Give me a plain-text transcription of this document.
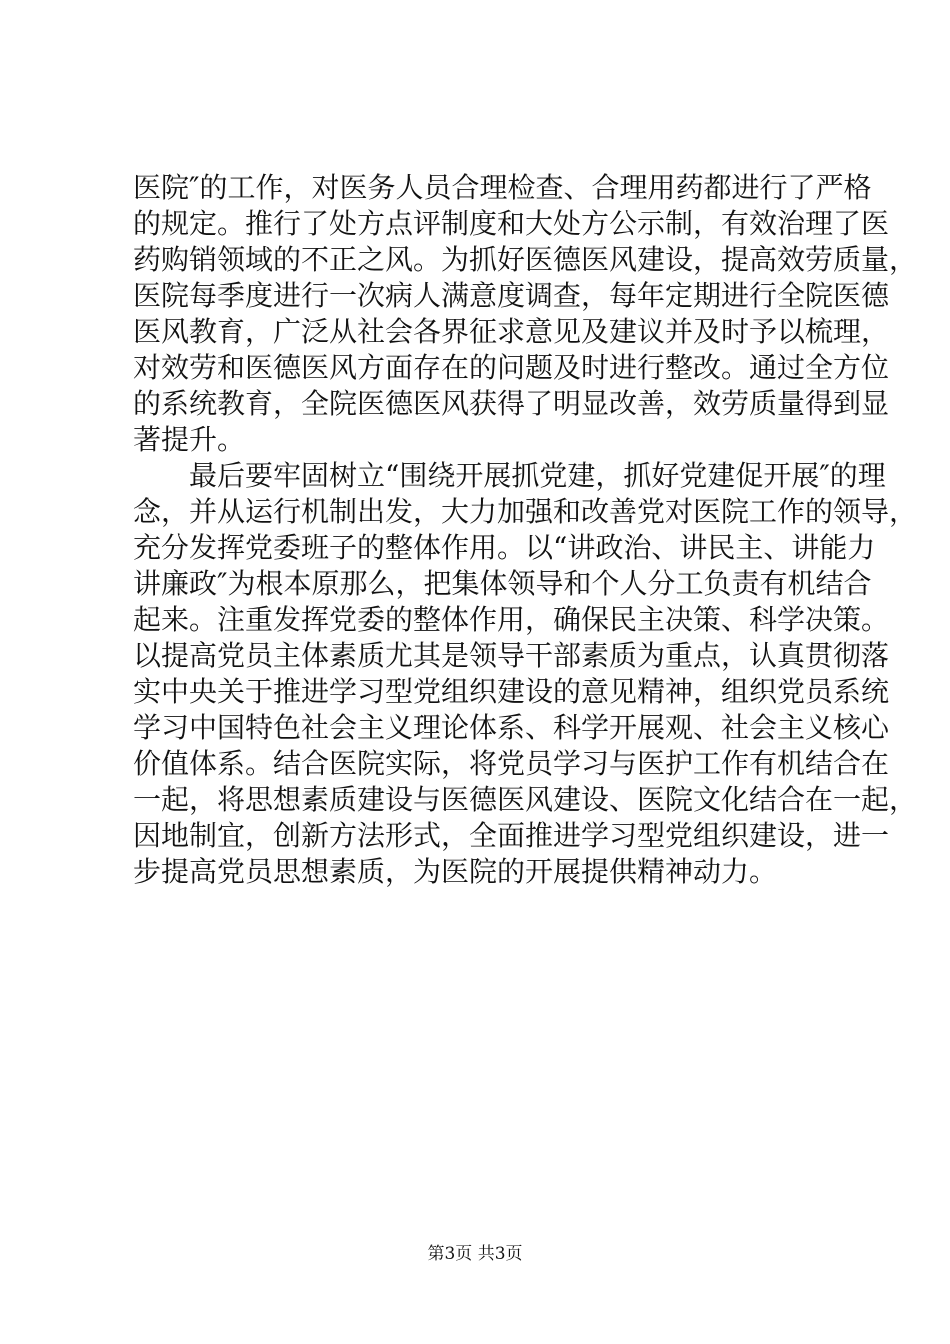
医院″的工作，对医务人员合理检查、合理用药都进行了严格
的规定。推行了处方点评制度和大处方公示制，有效治理了医
药购销领域的不正之风。为抓好医德医风建设，提高效劳质量，
医院每季度进行一次病人满意度调查，每年定期进行全院医德
医风教育，广泛从社会各界征求意见及建议并及时予以梳理，
对效劳和医德医风方面存在的问题及时进行整改。通过全方位
的系统教育，全院医德医风获得了明显改善，效劳质量得到显
著提升。
　　最后要牢固树立“围绕开展抓党建，抓好党建促开展″的理
念，并从运行机制出发，大力加强和改善党对医院工作的领导，
充分发挥党委班子的整体作用。以“讲政治、讲民主、讲能力
讲廉政″为根本原那么，把集体领导和个人分工负责有机结合
起来。注重发挥党委的整体作用，确保民主决策、科学决策。
以提高党员主体素质尤其是领导干部素质为重点，认真贯彻落
实中央关于推进学习型党组织建设的意见精神，组织党员系统
学习中国特色社会主义理论体系、科学开展观、社会主义核心
价值体系。结合医院实际，将党员学习与医护工作有机结合在
一起，将思想素质建设与医德医风建设、医院文化结合在一起，
因地制宜，创新方法形式，全面推进学习型党组织建设，进一
步提高党员思想素质，为医院的开展提供精神动力。
第3页 共3页
